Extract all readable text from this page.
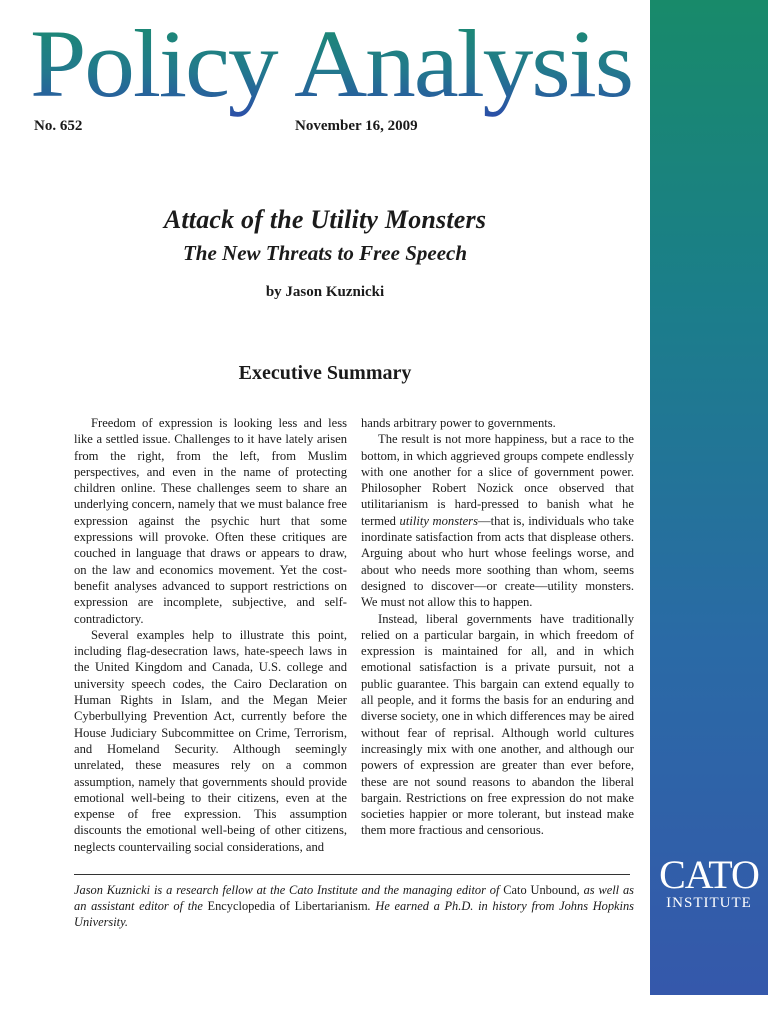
Policy Analysis
No. 652	November 16, 2009
Attack of the Utility Monsters
The New Threats to Free Speech
by Jason Kuznicki
Executive Summary

Freedom of expression is looking less and less like a settled issue. Challenges to it have lately arisen from the right, from the left, from Muslim perspectives, and even in the name of protecting children online. These challenges seem to share an underlying concern, namely that we must balance free expression against the psychic hurt that some expressions will provoke. Often these critiques are couched in language that draws or appears to draw, on the law and economics movement. Yet the cost-benefit analyses advanced to support restrictions on expression are incomplete, subjective, and self-contradictory.

Several examples help to illustrate this point, including flag-desecration laws, hate-speech laws in the United Kingdom and Canada, U.S. college and university speech codes, the Cairo Declaration on Human Rights in Islam, and the Megan Meier Cyberbullying Prevention Act, currently before the House Judiciary Subcommittee on Crime, Terrorism, and Homeland Security. Although seemingly unrelated, these measures rely on a common assumption, namely that governments should provide emotional well-being to their citizens, even at the expense of free expression. This assumption discounts the emotional well-being of other citizens, neglects countervailing social considerations, and

hands arbitrary power to governments.

The result is not more happiness, but a race to the bottom, in which aggrieved groups compete endlessly with one another for a slice of government power. Philosopher Robert Nozick once observed that utilitarianism is hard-pressed to banish what he termed utility monsters—that is, individuals who take inordinate satisfaction from acts that displease others. Arguing about who hurt whose feelings worse, and about who needs more soothing than whom, seems designed to discover—or create—utility monsters. We must not allow this to happen.

Instead, liberal governments have traditionally relied on a particular bargain, in which freedom of expression is maintained for all, and in which emotional satisfaction is a private pursuit, not a public guarantee. This bargain can extend equally to all people, and it forms the basis for an enduring and diverse society, one in which differences may be aired without fear of reprisal. Although world cultures increasingly mix with one another, and although our powers of expression are greater than ever before, these are not sound reasons to abandon the liberal bargain. Restrictions on free expression do not make societies happier or more tolerant, but instead make them more fractious and censorious.

Jason Kuznicki is a research fellow at the Cato Institute and the managing editor of Cato Unbound, as well as an assistant editor of the Encyclopedia of Libertarianism. He earned a Ph.D. in history from Johns Hopkins University.
CATO
INSTITUTE
